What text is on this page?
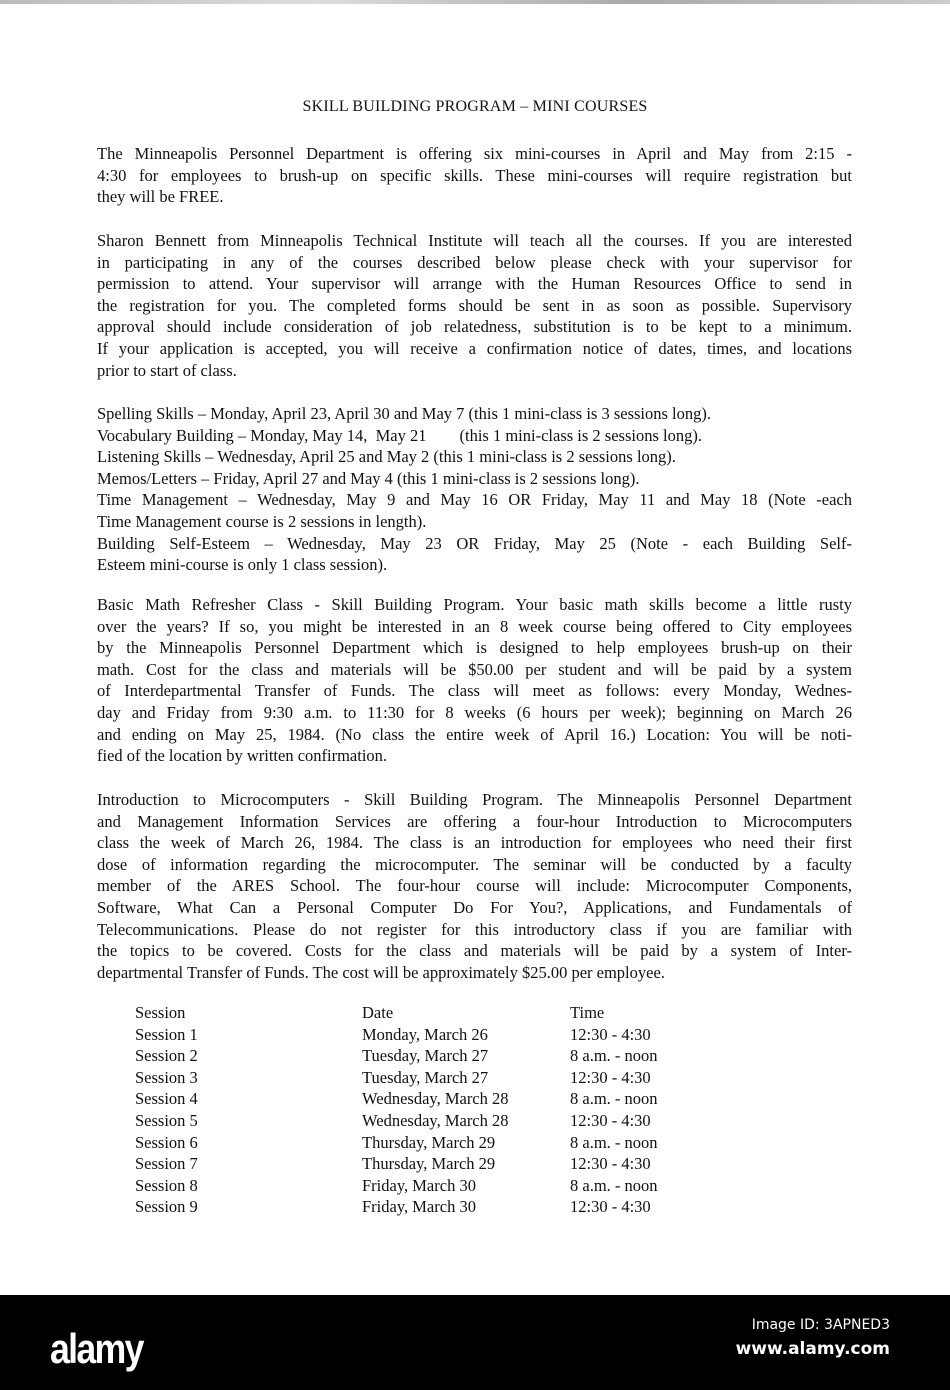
SKILL BUILDING PROGRAM – MINI COURSES
The Minneapolis Personnel Department is offering six mini-courses in April and May from 2:15 -
4:30 for employees to brush-up on specific skills. These mini-courses will require registration but
they will be FREE.
Sharon Bennett from Minneapolis Technical Institute will teach all the courses. If you are interested
in participating in any of the courses described below please check with your supervisor for
permission to attend. Your supervisor will arrange with the Human Resources Office to send in
the registration for you. The completed forms should be sent in as soon as possible. Supervisory
approval should include consideration of job relatedness, substitution is to be kept to a minimum.
If your application is accepted, you will receive a confirmation notice of dates, times, and locations
prior to start of class.
Spelling Skills – Monday, April 23, April 30 and May 7 (this 1 mini-class is 3 sessions long).
Vocabulary Building – Monday, May 14,  May 21        (this 1 mini-class is 2 sessions long).
Listening Skills – Wednesday, April 25 and May 2 (this 1 mini-class is 2 sessions long).
Memos/Letters – Friday, April 27 and May 4 (this 1 mini-class is 2 sessions long).
Time Management – Wednesday, May 9 and May 16 OR Friday, May 11 and May 18 (Note -each
Time Management course is 2 sessions in length).
Building Self-Esteem – Wednesday, May 23 OR Friday, May 25 (Note - each Building Self-
Esteem mini-course is only 1 class session).
Basic Math Refresher Class - Skill Building Program. Your basic math skills become a little rusty
over the years? If so, you might be interested in an 8 week course being offered to City employees
by the Minneapolis Personnel Department which is designed to help employees brush-up on their
math. Cost for the class and materials will be $50.00 per student and will be paid by a system
of Interdepartmental Transfer of Funds. The class will meet as follows: every Monday, Wednes-
day and Friday from 9:30 a.m. to 11:30 for 8 weeks (6 hours per week); beginning on March 26
and ending on May 25, 1984. (No class the entire week of April 16.) Location: You will be noti-
fied of the location by written confirmation.
Introduction to Microcomputers - Skill Building Program. The Minneapolis Personnel Department
and Management Information Services are offering a four-hour Introduction to Microcomputers
class the week of March 26, 1984. The class is an introduction for employees who need their first
dose of information regarding the microcomputer. The seminar will be conducted by a faculty
member of the ARES School. The four-hour course will include: Microcomputer Components,
Software, What Can a Personal Computer Do For You?, Applications, and Fundamentals of
Telecommunications. Please do not register for this introductory class if you are familiar with
the topics to be covered. Costs for the class and materials will be paid by a system of Inter-
departmental Transfer of Funds. The cost will be approximately $25.00 per employee.
Session	Date	Time
Session 1	Monday, March 26	12:30 - 4:30
Session 2	Tuesday, March 27	8 a.m. - noon
Session 3	Tuesday, March 27	12:30 - 4:30
Session 4	Wednesday, March 28	8 a.m. - noon
Session 5	Wednesday, March 28	12:30 - 4:30
Session 6	Thursday, March 29	8 a.m. - noon
Session 7	Thursday, March 29	12:30 - 4:30
Session 8	Friday, March 30	8 a.m. - noon
Session 9	Friday, March 30	12:30 - 4:30
alamy	Image ID: 3APNED3
www.alamy.com
